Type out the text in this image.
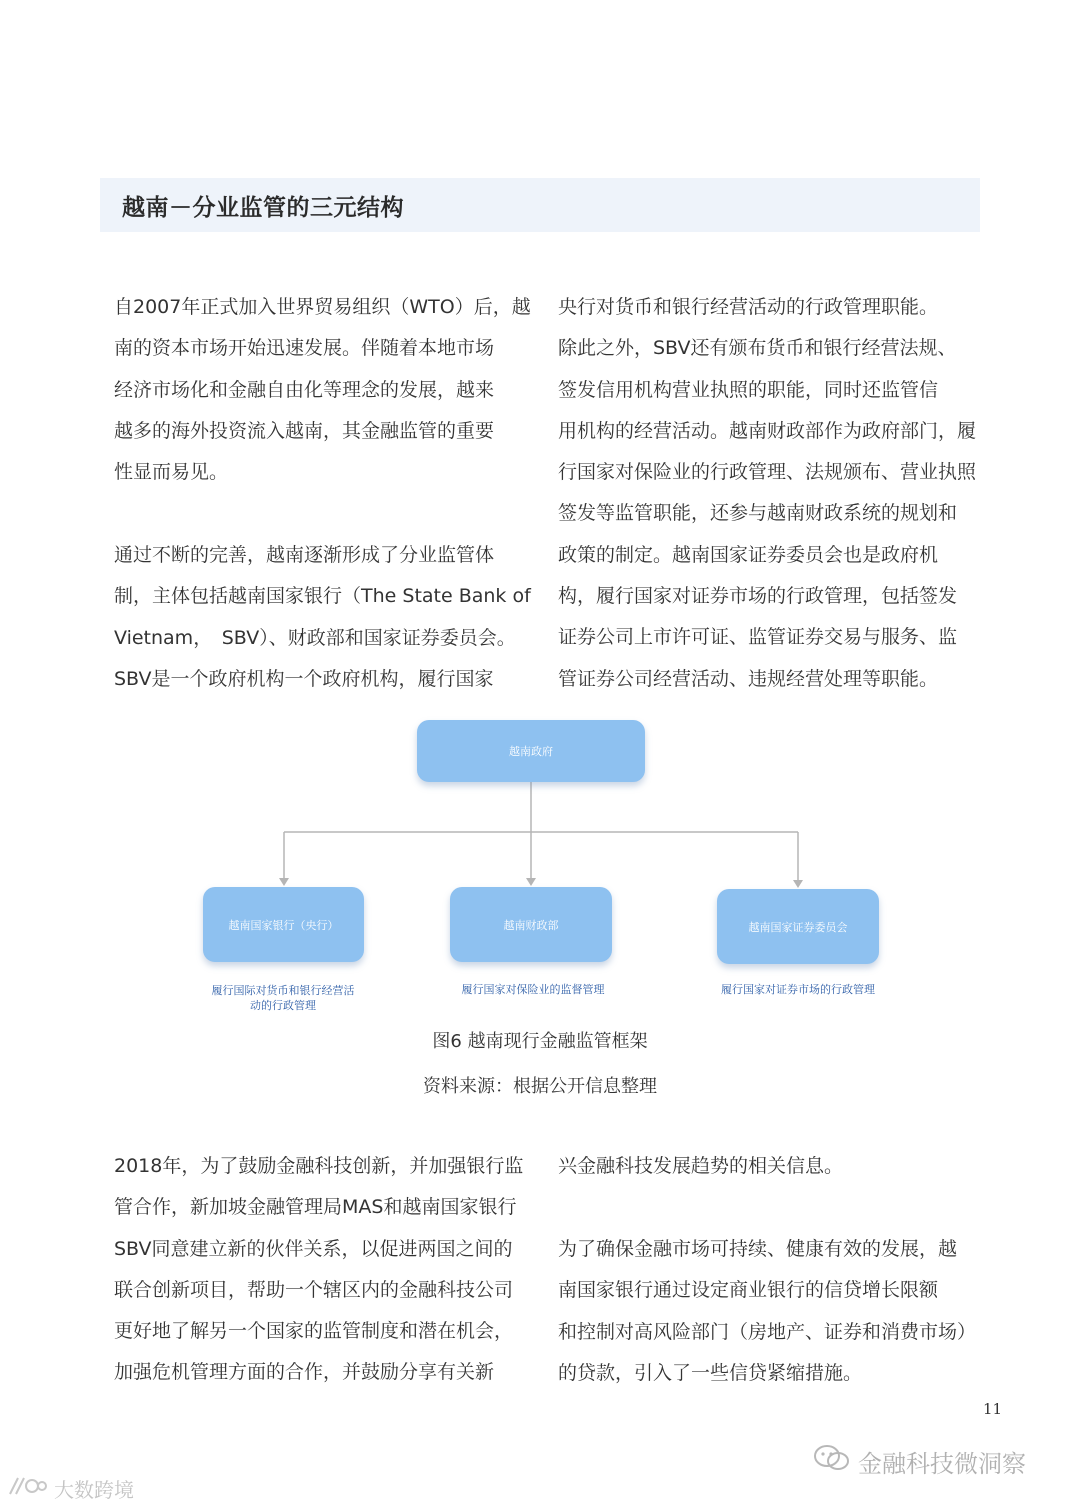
越南－分业监管的三元结构

自2007年正式加入世界贸易组织（WTO）后，越
南的资本市场开始迅速发展。伴随着本地市场
经济市场化和金融自由化等理念的发展，越来
越多的海外投资流入越南，其金融监管的重要
性显而易见。

通过不断的完善，越南逐渐形成了分业监管体
制，主体包括越南国家银行（The State Bank of
Vietnam，　SBV）、财政部和国家证券委员会。
SBV是一个政府机构一个政府机构，履行国家

央行对货币和银行经营活动的行政管理职能。
除此之外，SBV还有颁布货币和银行经营法规、
签发信用机构营业执照的职能，同时还监管信
用机构的经营活动。越南财政部作为政府部门，履
行国家对保险业的行政管理、法规颁布、营业执照
签发等监管职能，还参与越南财政系统的规划和
政策的制定。越南国家证券委员会也是政府机
构，履行国家对证券市场的行政管理，包括签发
证券公司上市许可证、监管证券交易与服务、监
管证券公司经营活动、违规经营处理等职能。

越南政府
越南国家银行（央行）	越南财政部	越南国家证券委员会
履行国际对货币和银行经营活
动的行政管理
履行国家对保险业的监督管理	履行国家对证券市场的行政管理
图6 越南现行金融监管框架
资料来源：根据公开信息整理

2018年，为了鼓励金融科技创新，并加强银行监
管合作，新加坡金融管理局MAS和越南国家银行
SBV同意建立新的伙伴关系，以促进两国之间的
联合创新项目，帮助一个辖区内的金融科技公司
更好地了解另一个国家的监管制度和潜在机会，
加强危机管理方面的合作，并鼓励分享有关新

兴金融科技发展趋势的相关信息。

为了确保金融市场可持续、健康有效的发展，越
南国家银行通过设定商业银行的信贷增长限额
和控制对高风险部门（房地产、证券和消费市场）
的贷款，引入了一些信贷紧缩措施。

11
金融科技微洞察
大数跨境
